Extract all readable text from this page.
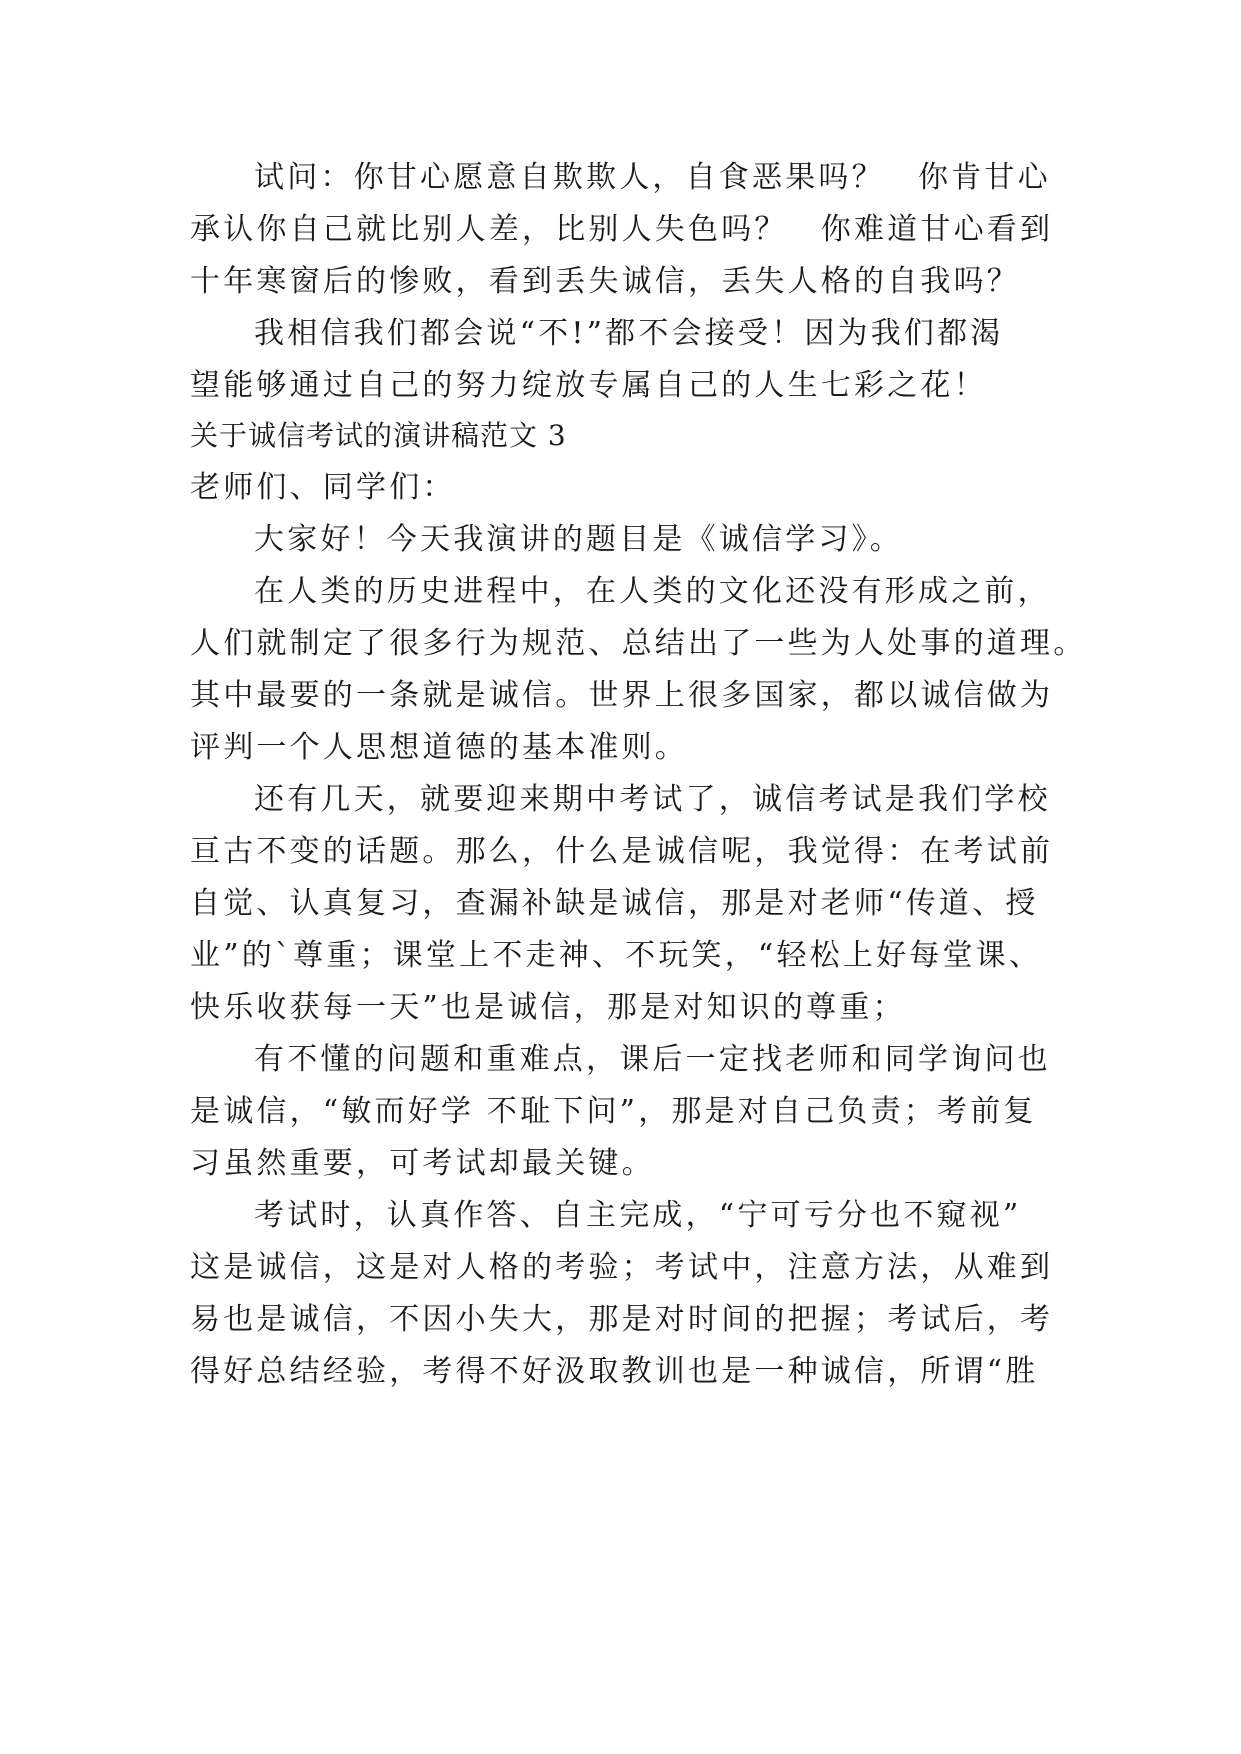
试问：你甘心愿意自欺欺人，自食恶果吗？　你肯甘心
承认你自己就比别人差，比别人失色吗？　你难道甘心看到
十年寒窗后的惨败，看到丢失诚信，丢失人格的自我吗？
我相信我们都会说“不!”都不会接受！因为我们都渴
望能够通过自己的努力绽放专属自己的人生七彩之花！
关于诚信考试的演讲稿范文 3
老师们、同学们：
大家好！今天我演讲的题目是《诚信学习》。
在人类的历史进程中，在人类的文化还没有形成之前，
人们就制定了很多行为规范、总结出了一些为人处事的道理。
其中最要的一条就是诚信。世界上很多国家，都以诚信做为
评判一个人思想道德的基本准则。
还有几天，就要迎来期中考试了，诚信考试是我们学校
亘古不变的话题。那么，什么是诚信呢，我觉得：在考试前
自觉、认真复习，查漏补缺是诚信，那是对老师“传道、授
业”的`尊重；课堂上不走神、不玩笑，“轻松上好每堂课、
快乐收获每一天”也是诚信，那是对知识的尊重；
有不懂的问题和重难点，课后一定找老师和同学询问也
是诚信，“敏而好学 不耻下问”，那是对自己负责；考前复
习虽然重要，可考试却最关键。
考试时，认真作答、自主完成，“宁可亏分也不窥视”
这是诚信，这是对人格的考验；考试中，注意方法，从难到
易也是诚信，不因小失大，那是对时间的把握；考试后，考
得好总结经验，考得不好汲取教训也是一种诚信，所谓“胜
